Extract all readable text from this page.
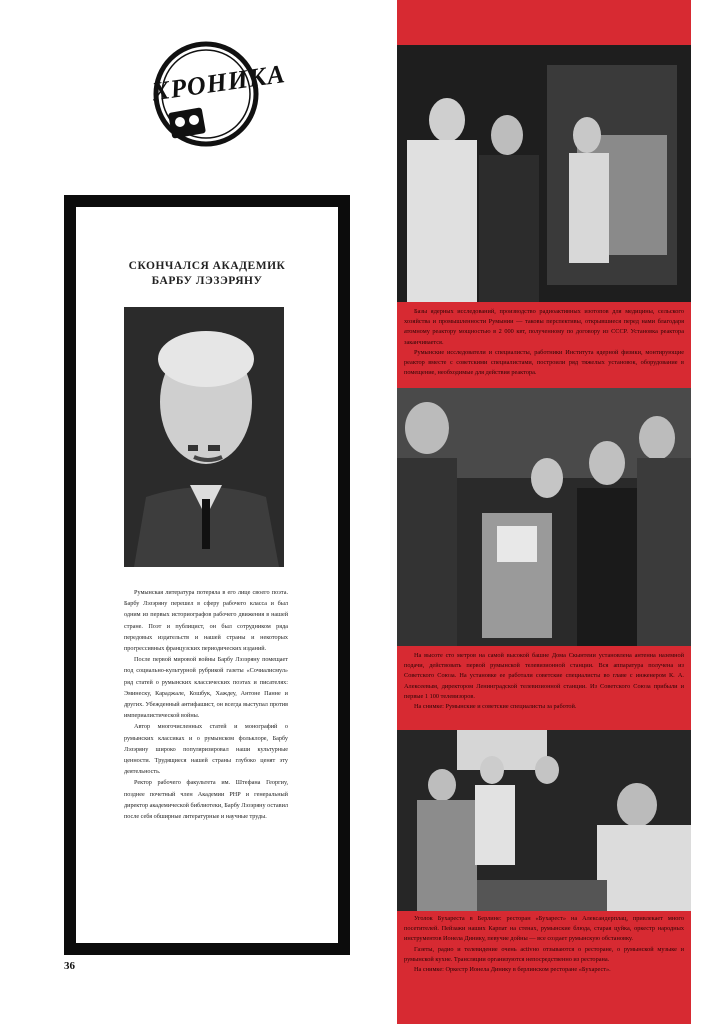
ХРОНИКА
СКОНЧАЛСЯ АКАДЕМИК
БАРБУ ЛЭЗЭРЯНУ

Румынская литература потеряла в его лице своего поэта. Барбу Лэзэряну перешел в сферу рабочего класса и был одним из первых историографов рабочего движения в нашей стране. Поэт и публицист, он был сотрудником ряда передовых издательств и нашей страны и некоторых прогрессивных французских периодических изданий.

После первой мировой войны Барбу Лэзэряну помещает под социально-культурной рубрикой газеты «Сочиалисмул» ряд статей о румынских классических поэтах и писателях: Эминеску, Караджале, Кошбук, Хаждеу, Антоне Панне и других. Убежденный антифашист, он всегда выступал против империалистической войны.

Автор многочисленных статей и монографий о румынских классиках и о румынском фольклоре, Барбу Лэзэряну широко популяризировал наши культурные ценности. Трудящиеся нашей страны глубоко ценят эту деятельность.

Ректор рабочего факультета им. Штефана Георгиу, позднее почетный член Академии РНР и генеральный директор академической библиотеки, Барбу Лэзэряну оставил после себя обширные литературные и научные труды.

36

Базы ядерных исследований, производство радиоактивных изотопов для медицины, сельского хозяйства и промышленности Румынии — таковы перспективы, открывшиеся перед нами благодаря атомному реактору мощностью в 2 000 квт, полученному по договору из СССР. Установка реактора заканчивается.

Румынские исследователи и специалисты, работники Института ядерной физики, монтирующие реактор вместе с советскими специалистами, построили ряд тяжелых установок, оборудование в помещение, необходимые для действия реактора.

На высоте сто метров на самой высокой башне Дома Скынтеии установлена антенна наземной подачи, действовать первой румынской телевизионной станции. Вся аппаратура получена из Советского Союза. На установке ее работали советские специалисты во главе с инженером К. А. Алексеевым, директором Ленинградской телевизионной станции. Из Советского Союза прибыли и первые 1 100 телевизоров.

На снимке: Румынские и советские специалисты за работой.

Уголок Бухареста в Берлине: ресторан «Бухарест» на Александерплац, привлекает много посетителей. Пейзажи наших Карпат на стенах, румынские блюда, старая цуйка, оркестр народных инструментов Ионела Динику, певучие дойны — все создает румынскую обстановку.

Газеты, радио и телевидение очень activно отзываются о ресторане, о румынской музыке и румынской кухне. Трансляции организуются непосредственно из ресторана.

На снимке: Оркестр Ионела Динику в берлинском ресторане «Бухарест».
